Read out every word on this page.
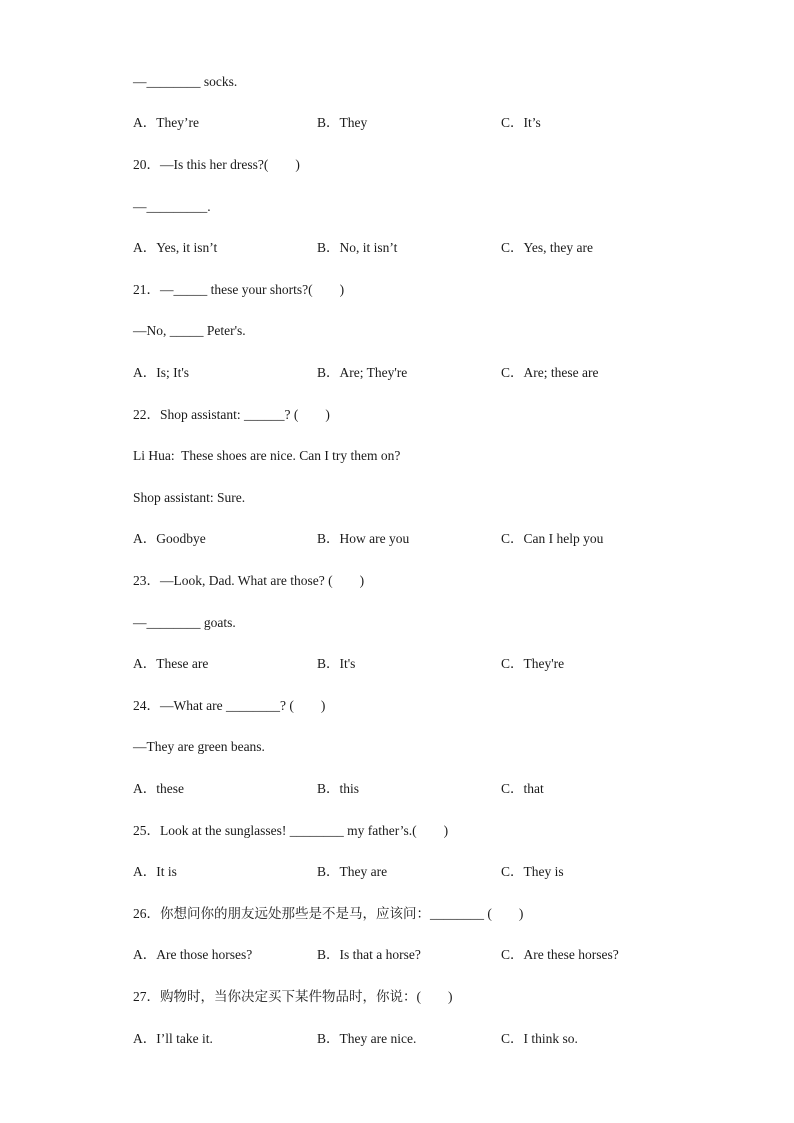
—________ socks.
A．They’re	B．They	C．It’s
20．—Is this her dress?(　　)
—_________.
A．Yes, it isn’t	B．No, it isn’t	C．Yes, they are
21．—_____ these your shorts?(　　)
—No, _____ Peter's.
A．Is; It's	B．Are; They're	C．Are; these are
22．Shop assistant: ______? (　　)
Li Hua:  These shoes are nice. Can I try them on?
Shop assistant: Sure.
A．Goodbye	B．How are you	C．Can I help you
23．—Look, Dad. What are those? (　　)
—________ goats.
A．These are	B．It's	C．They're
24．—What are ________? (　　)
—They are green beans.
A．these	B．this	C．that
25．Look at the sunglasses! ________ my father’s.(　　)
A．It is	B．They are	C．They is
26．你想问你的朋友远处那些是不是马，应该问：________ (　　)
A．Are those horses?	B．Is that a horse?	C．Are these horses?
27．购物时，当你决定买下某件物品时，你说：(　　)
A．I’ll take it.	B．They are nice.	C．I think so.
